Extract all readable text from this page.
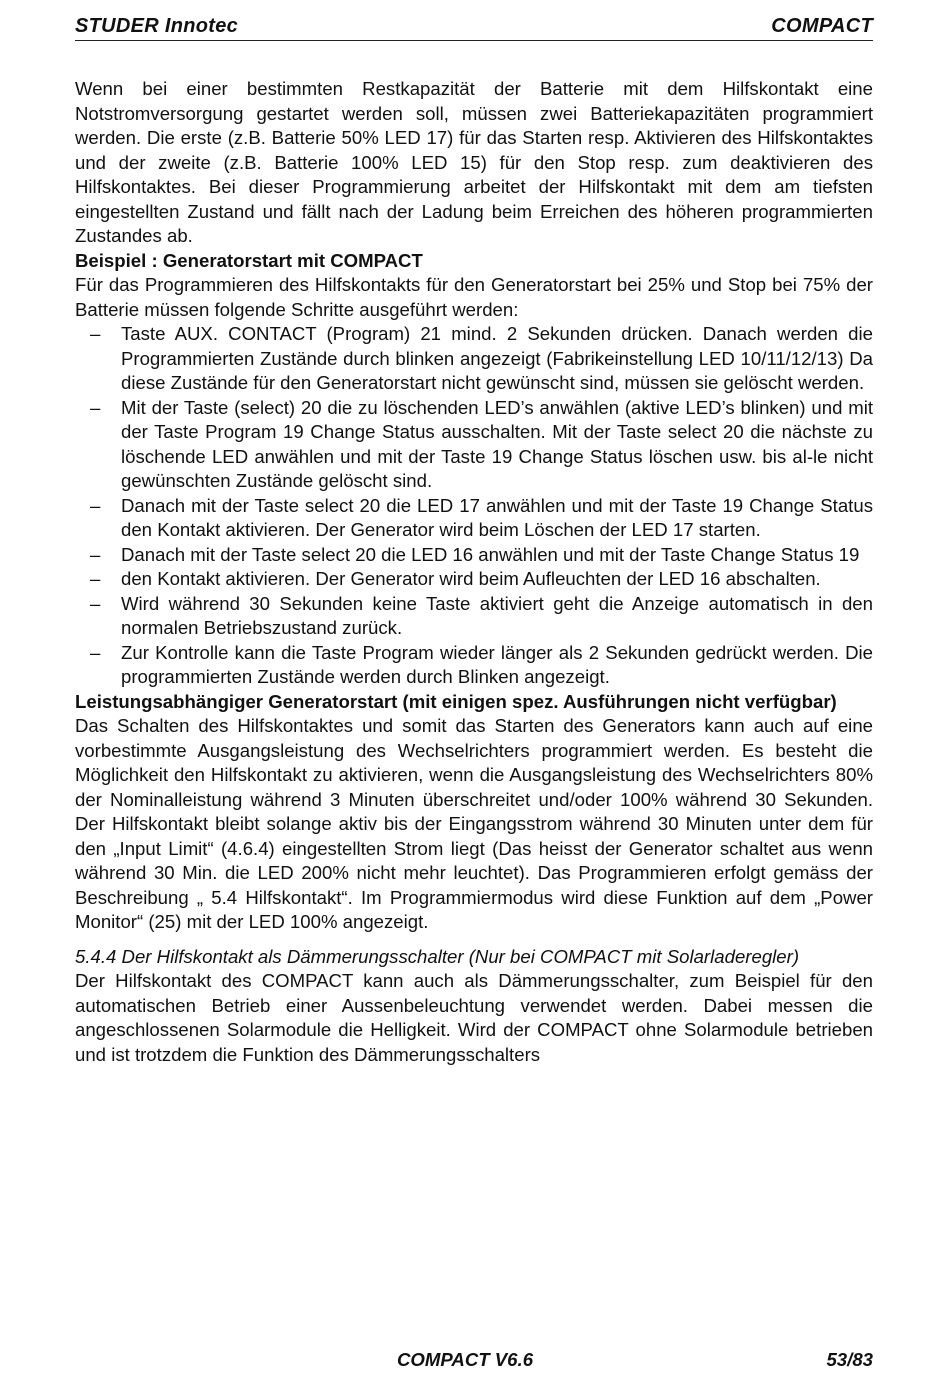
STUDER Innotec	COMPACT

Wenn bei einer bestimmten Restkapazität der Batterie mit dem Hilfskontakt eine Notstromversorgung gestartet werden soll, müssen zwei Batteriekapazitäten programmiert werden. Die erste (z.B. Batterie 50% LED 17) für das Starten resp. Aktivieren des Hilfskontaktes und der zweite (z.B. Batterie 100% LED 15) für den Stop resp. zum deaktivieren des Hilfskontaktes. Bei dieser Programmierung arbeitet der Hilfskontakt mit dem am tiefsten eingestellten Zustand und fällt nach der Ladung beim Erreichen des höheren programmierten Zustandes ab.

Beispiel : Generatorstart mit COMPACT

Für das Programmieren des Hilfskontakts für den Generatorstart bei 25% und Stop bei 75% der Batterie müssen folgende Schritte ausgeführt werden:

– Taste AUX. CONTACT (Program) 21 mind. 2 Sekunden drücken. Danach werden die Programmierten Zustände durch blinken angezeigt (Fabrikeinstellung LED 10/11/12/13) Da diese Zustände für den Generatorstart nicht gewünscht sind, müssen sie gelöscht werden.
– Mit der Taste (select) 20 die zu löschenden LED’s anwählen (aktive LED’s blinken) und mit der Taste Program 19 Change Status ausschalten. Mit der Taste select 20 die nächste zu löschende LED anwählen und mit der Taste 19 Change Status löschen usw. bis al-le nicht gewünschten Zustände gelöscht sind.
– Danach mit der Taste select 20 die LED 17 anwählen und mit der Taste 19 Change Status den Kontakt aktivieren. Der Generator wird beim Löschen der LED 17 starten.
– Danach mit der Taste select 20 die LED 16 anwählen und mit der Taste Change Status 19
– den Kontakt aktivieren. Der Generator wird beim Aufleuchten der LED 16 abschalten.
– Wird während 30 Sekunden keine Taste aktiviert geht die Anzeige automatisch in den normalen Betriebszustand zurück.
– Zur Kontrolle kann die Taste Program wieder länger als 2 Sekunden gedrückt werden. Die programmierten Zustände werden durch Blinken angezeigt.

Leistungsabhängiger Generatorstart (mit einigen spez. Ausführungen nicht verfügbar)

Das Schalten des Hilfskontaktes und somit das Starten des Generators kann auch auf eine vorbestimmte Ausgangsleistung des Wechselrichters programmiert werden. Es besteht die Möglichkeit den Hilfskontakt zu aktivieren, wenn die Ausgangsleistung des Wechselrichters 80% der Nominalleistung während 3 Minuten überschreitet und/oder 100% während 30 Sekunden. Der Hilfskontakt bleibt solange aktiv bis der Eingangsstrom während 30 Minuten unter dem für den „Input Limit“ (4.6.4) eingestellten Strom liegt (Das heisst der Generator schaltet aus wenn während 30 Min. die LED 200% nicht mehr leuchtet). Das Programmieren erfolgt gemäss der Beschreibung „ 5.4 Hilfskontakt“. Im Programmiermodus wird diese Funktion auf dem „Power Monitor“ (25) mit der LED 100% angezeigt.

5.4.4 Der Hilfskontakt als Dämmerungsschalter (Nur bei COMPACT mit Solarladeregler)

Der Hilfskontakt des COMPACT kann auch als Dämmerungsschalter, zum Beispiel für den automatischen Betrieb einer Aussenbeleuchtung verwendet werden. Dabei messen die angeschlossenen Solarmodule die Helligkeit. Wird der COMPACT ohne Solarmodule betrieben und ist trotzdem die Funktion des Dämmerungsschalters

COMPACT V6.6	53/83
